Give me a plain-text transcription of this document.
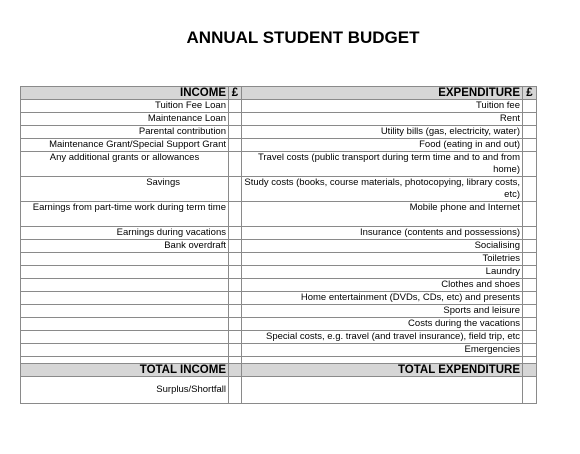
ANNUAL STUDENT BUDGET
INCOME	£	EXPENDITURE	£
Tuition Fee Loan		Tuition fee	
Maintenance Loan		Rent	
Parental contribution		Utility bills (gas, electricity, water)	
Maintenance Grant/Special Support Grant		Food (eating in and out)	
Any additional grants or allowances		Travel costs (public transport during term time and to and from home)	
Savings		Study costs (books, course materials, photocopying, library costs, etc)	
Earnings from part-time work during term time		Mobile phone and Internet	
Earnings during vacations		Insurance (contents and possessions)	
Bank overdraft		Socialising	
		Toiletries	
		Laundry	
		Clothes and shoes	
		Home entertainment (DVDs, CDs, etc) and presents	
		Sports and leisure	
		Costs during the vacations	
		Special costs, e.g. travel (and travel insurance), field trip, etc	
		Emergencies	

TOTAL INCOME		TOTAL EXPENDITURE	
Surplus/Shortfall			
